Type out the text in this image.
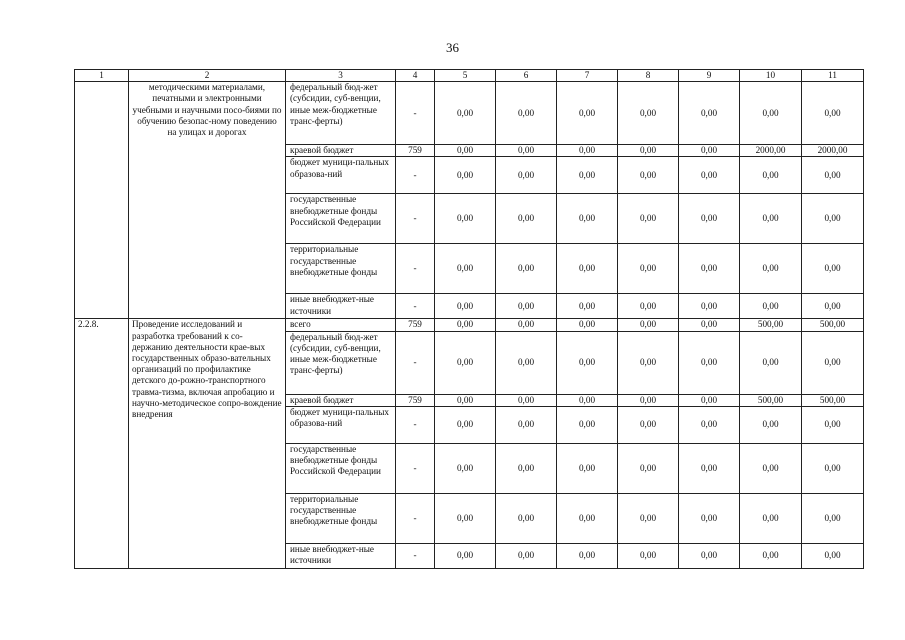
36
1	2	3	4	5	6	7	8	9	10	11
	методическими материалами, печатными и электронными учебными и научными посо-биями по обучению безопас-ному поведению на улицах и дорогах	федеральный бюд-жет (субсидии, суб-венции, иные меж-бюджетные транс-ферты)	-	0,00	0,00	0,00	0,00	0,00	0,00	0,00
		краевой бюджет	759	0,00	0,00	0,00	0,00	0,00	2000,00	2000,00
		бюджет муници-пальных образова-ний	-	0,00	0,00	0,00	0,00	0,00	0,00	0,00
		государственные внебюджетные фонды Российской Федерации	-	0,00	0,00	0,00	0,00	0,00	0,00	0,00
		территориальные государственные внебюджетные фонды	-	0,00	0,00	0,00	0,00	0,00	0,00	0,00
		иные внебюджет-ные источники	-	0,00	0,00	0,00	0,00	0,00	0,00	0,00
2.2.8.	Проведение исследований и разработка требований к со-держанию деятельности крае-вых государственных образо-вательных организаций по профилактике детского до-рожно-транспортного травма-тизма, включая апробацию и научно-методическое сопро-вождение внедрения	всего	759	0,00	0,00	0,00	0,00	0,00	500,00	500,00
		федеральный бюд-жет (субсидии, суб-венции, иные меж-бюджетные транс-ферты)	-	0,00	0,00	0,00	0,00	0,00	0,00	0,00
		краевой бюджет	759	0,00	0,00	0,00	0,00	0,00	500,00	500,00
		бюджет муници-пальных образова-ний	-	0,00	0,00	0,00	0,00	0,00	0,00	0,00
		государственные внебюджетные фонды Российской Федерации	-	0,00	0,00	0,00	0,00	0,00	0,00	0,00
		территориальные государственные внебюджетные фонды	-	0,00	0,00	0,00	0,00	0,00	0,00	0,00
		иные внебюджет-ные источники	-	0,00	0,00	0,00	0,00	0,00	0,00	0,00
